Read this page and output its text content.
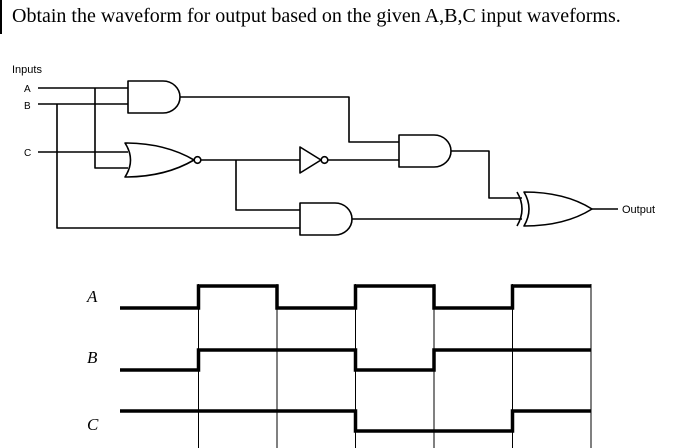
Obtain the waveform for output based on the given A,B,C input waveforms.
Inputs
A
B
C
Output
A
B
C
